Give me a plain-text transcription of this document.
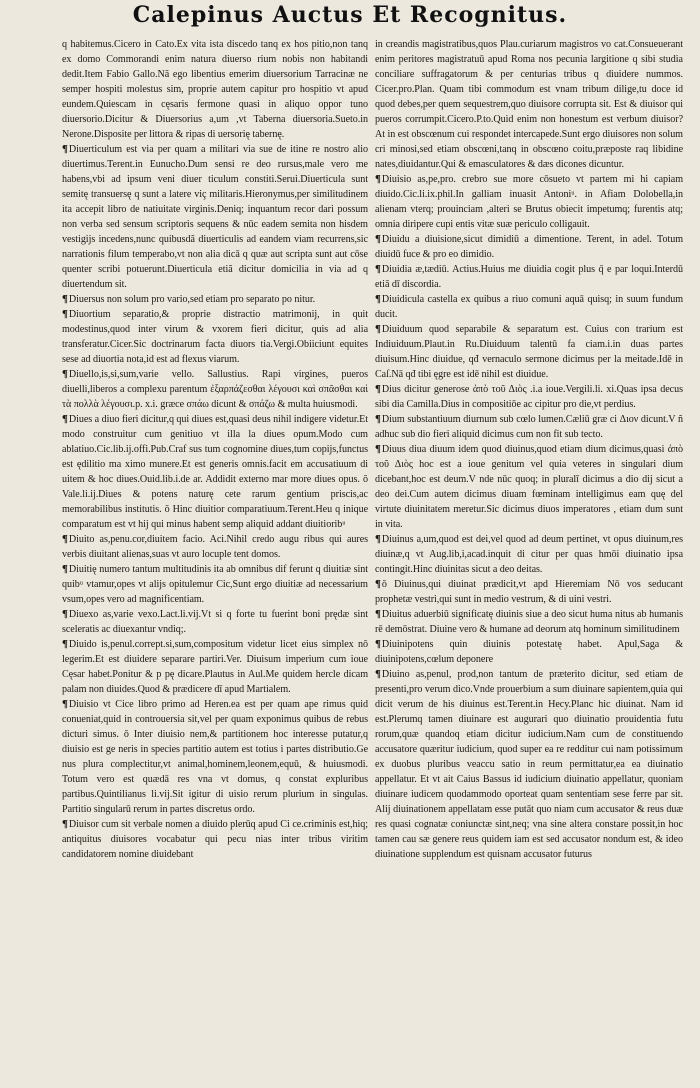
Calepinus Auctus Et Recognitus.
q habitemus.Cicero in Cato.Ex vita ista discedo tanq ex hos pitio,non tanq ex domo Commorandi enim natura diuerso rium nobis non habitandi dedit.Item Fabio Gallo.Nã ego libentius emerim diuersorium Tarracinæ ne semper hospiti molestus sim, proprie autem capitur pro hospitio vt apud eundem.Quiescam in cęsaris fermone quasi in aliquo oppor tuno diuersorio.Dicitur & Diuersorius a,um ,vt Taberna diuersoria.Sueto.in Nerone.Disposite per littora & ripas di uersorię tabernę.
¶Diuerticulum est via per quam a militari via sue de itine re nostro alio diuertimus.Terent.in Eunucho.Dum sensi re deo rursus,male vero me habens,vbi ad ipsum veni diuer ticulum constiti.Serui.Diuerticula sunt semitę transuersę q sunt a latere viç militaris.Hieronymus,per similitudinem ita accepit libro de natiuitate virginis.Deniq; inquantum recor dari possum non verba sed sensum scriptoris sequens & nūc eadem semita non hisdem vestigijs incedens,nunc quibusdã diuerticulis ad eandem viam recurrens,sic narrationis filum temperabo,vt non alia dicā q quæ aut scripta sunt aut cōse quenter scribi potuerunt.Diuerticula etiã dicitur domicilia in via ad q diuertendum sit.
¶Diuersus non solum pro vario,sed etiam pro separato po nitur.
¶Diuortium separatio,& proprie distractio matrimonij, in quit modestinus,quod inter virum & vxorem fieri dicitur, quis ad alia transferatur.Cicer.Sic doctrinarum facta diuors tia.Vergi.Obiiciunt equites sese ad diuortia nota,id est ad flexus viarum.
¶Diuello,is,si,sum,varie vello. Sallustius. Rapi virgines, pueros diuelli,liberos a complexu parentum ἐξαρπάζεσθαι λέγουσι καὶ σπᾶσθαι καὶ τὰ πολλὰ λέγουσι.p. x.i. græce σπάω dicunt & σπάζω & multa huiusmodi.
¶Diues a diuo fieri dicitur,q qui diues est,quasi deus nihil indigere videtur.Et modo construitur cum genitiuo vt illa la diues opum.Modo cum ablatiuo.Cic.lib.ij.offi.Pub.Craf sus tum cognomine diues,tum copijs,functus est ędilitio ma ximo munere.Et est generis omnis.facit em accusatiuum di uitem & hoc diues.Ouid.lib.i.de ar. Addidit externo mar more diues opus. ŏ Vale.li.ij.Diues & potens naturę cete rarum gentium priscis,ac memorabilibus institutis. ŏ Hinc diuitior comparatiuum.Terent.Heu q inique comparatum est vt hij qui minus habent semp aliquid addant diuitioribᵘ
¶Diuito as,penu.cor,diuitem facio. Aci.Nihil credo augu ribus qui aures verbis diuitant alienas,suas vt auro locuple tent domos.
¶Diuitię numero tantum multitudinis ita ab omnibus dif ferunt q diuitiæ sint quibᵘ vtamur,opes vt alijs opitulemur Cic,Sunt ergo diuitiæ ad necessarium vsum,opes vero ad magnificentiam.
¶Diuexo as,varie vexo.Lact.li.vij.Vt si q forte tu fuerint boni prędæ sint sceleratis ac diuexantur vndiq;.
¶Diuido is,penul.corrept.si,sum,compositum videtur licet eius simplex nō legerim.Et est diuidere separare partiri.Ver. Diuisum imperium cum ioue Cęsar habet.Ponitur & p pę dicare.Plautus in Aul.Me quidem hercle dicam palam non diuides.Quod & prædicere dī apud Martialem.
¶Diuisio vt Cice libro primo ad Heren.ea est per quam ape rimus quid conueniat,quid in controuersia sit,vel per quam exponimus quibus de rebus dicturi simus. ŏ Inter diuisio nem,& partitionem hoc interesse putatur,q diuisio est ge neris in species partitio autem est totius i partes distributio.Ge nus plura complectitur,vt animal,hominem,leonem,equū, & huiusmodi. Totum vero est quædā res vna vt domus, q constat expluribus partibus.Quintilianus li.vij.Sit igitur di uisio rerum plurium in singulas. Partitio singularū rerum in partes discretus ordo.
¶Diuisor cum sit verbale nomen a diuido plerūq apud Ci ce.criminis est,hiq; antiquitus diuisores vocabatur qui pecu nias inter tribus viritim candidatorem nomine diuidebant
in creandis magistratibus,quos Plau.curiarum magistros vo cat.Consueuerant enim peritores magistratuū apud Roma nos pecunia largitione q sibi studia conciliare suffragatorum & per centurias tribus q diuidere nummos. Cicer.pro.Plan. Quam tibi commodum est vnam tribum dilige,tu doce id quod debes,per quem sequestrem,quo diuisore corrupta sit. Est & diuisor qui pueros corrumpit.Cicero.P.to.Quid enim non honestum est verbum diuisor?At in est obscœnum cui respondet intercapede.Sunt ergo diuisores non solum cri minosi,sed etiam obscœni,tanq in obscœno coitu,præposte raq libidine nates,diuidantur.Qui & emasculatores & dæs dicones dicuntur.
¶Diuisio as,pe,pro. crebro sue more cōsueto vt partem mi hi capiam diuido.Cic.li.ix.phil.In galliam inuasit Antoniᵘ. in Afiam Dolobella,in alienam vterq; prouinciam ,alteri se Brutus obiecit impetumq; furentis atq; omnia diripere cupi entis vitæ suæ periculo colligauit.
¶Diuidu a diuisione,sicut dimidiū a dimentione. Terent, in adel. Totum diuidū fuce & pro eo dimidio.
¶Diuidia æ,tædiū. Actius.Huius me diuidia cogit plus q̄ e par loqui.Interdū etiā dī discordia.
¶Diuidicula castella ex quibus a riuo comuni aquā quisq; in suum fundum ducit.
¶Diuiduum quod separabile & separatum est. Cuius con trarium est Indiuiduum.Plaut.in Ru.Diuiduum talentū fa ciam.i.in duas partes diuisum.Hinc diuidue, qđ vernaculo sermone dicimus per la meitade.Idē in Caſ.Nā qđ tibi ęgre est idē nihil est diuidue.
¶Dius dicitur generose ἀπὸ τοῦ Διὸς .i.a ioue.Vergili.li. xi.Quas ipsa decus sibi dia Camilla.Dius in compositiōe ac cipitur pro die,vt perdius.
¶Dium substantiuum diurnum sub cœlo lumen.Cæliū græ ci Διον dicunt.V ñ adhuc sub dio fieri aliquid dicimus cum non fit sub tecto.
¶Diuus diua diuum idem quod diuinus,quod etiam dium dicimus,quasi ἀπὸ τοῦ Διὸς hoc est a ioue genitum vel quia veteres in singulari dium dicebant,hoc est deum.V nde nūc quoq; in pluralī dicimus a dio dij sicut a deo dei.Cum autem dicimus diuam fœminam intelligimus eam quę del virtute diuinitatem meretur.Sic dicimus diuos imperatores , etiam dum sunt in vita.
¶Diuinus a,um,quod est dei,vel quod ad deum pertinet, vt opus diuinum,res diuinæ,q vt Aug.lib,i,acad.inquit di citur per quas hmōi diuinatio ipsa contingit.Hinc diuinitas sicut a deo deitas.
¶ŏ Diuinus,qui diuinat prædicit,vt apd Hieremiam Nō vos seducant prophetæ vestri,qui sunt in medio vestrum, & di uini vestri.
¶Diuitus aduerbiū significatę diuinis siue a deo sicut huma nitus ab humanis rē demōstrat. Diuine vero & humane ad deorum atq hominum similitudinem
¶Diuinipotens quin diuinis potestatę habet. Apul,Saga & diuinipotens,cœlum deponere
¶Diuino as,penul, prod,non tantum de præterito dicitur, sed etiam de presenti,pro verum dico.Vnde prouerbium a sum diuinare sapientem,quia qui dicit verum de his diuinus est.Terent.in Hecy.Planc hic diuinat. Nam id est.Plerumq tamen diuinare est augurari quo diuinatio prouidentia futu rorum,quæ quandoq etiam dicitur iudicium.Nam cum de constituendo accusatore quæritur iudicium, quod super ea re redditur cui nam potissimum ex duobus pluribus veaccu satio in reum permittatur,ea ea diuinatio appellatur. Et vt ait Caius Bassus id iudicium diuinatio appellatur, quoniam diuinare iudicem quodammodo oporteat quam sententiam sese ferre par sit. Alij diuinationem appellatam esse putāt quo niam cum accusator & reus duæ res quasi cognatæ coniunctæ sint,neq; vna sine altera constare possit,in hoc tamen cau sæ genere reus quidem iam est sed accusator nondum est, & ideo diuinatione supplendum est quisnam accusator futurus
